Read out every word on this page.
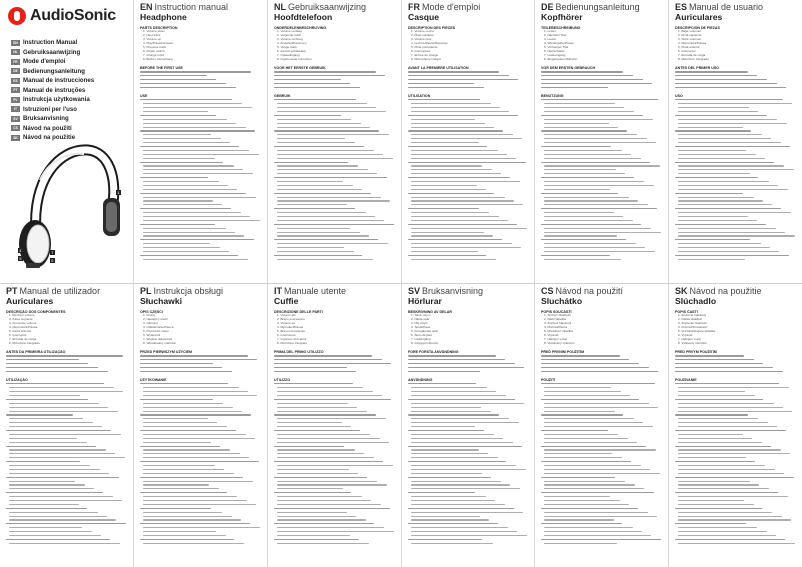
AudioSonic
EN Instruction Manual
NL Gebruiksaanwijzing
FR Mode d'emploi
DE Bedienungsanleitung
ES Manual de instrucciones
PT Manual de instruções
PL Instrukcja użytkowania
IT Istruzioni per l'uso
SV Bruksanvisning
CS Návod na použití
SK Návod na použitie
4
5	6
7
1
EN Instruction manual
Headphone
PARTS DESCRIPTION
1. Volume down
2. Next track
3. Volume up
4. Play/Pause/Answer
5. Previous track
6. Power switch
7. Charge input
8. Built-in microphone
BEFORE THE FIRST USE
USE
NL Gebruiksaanwijzing
Hoofdtelefoon
ONDERDELENBESCHRIJVING
1. Volume omlaag
2. Volgende track
3. Volume omhoog
4. Afspelen/Pauzeren
5. Vorige track
6. Aan/uit-schakelaar
7. Oplaadingang
8. Ingebouwde microfoon
VOOR HET EERSTE GEBRUIK
GEBRUIK
FR Mode d'emploi
Casque
DESCRIPTION DES PIÈCES
1. Volume moins
2. Piste suivante
3. Volume plus
4. Lecture/Pause/Réponse
5. Piste précédente
6. Interrupteur
7. Entrée de charge
8. Microphone intégré
AVANT LA PREMIÈRE UTILISATION
UTILISATION
DE Bedienungsanleitung
Kopfhörer
TEILEBESCHREIBUNG
1. Leiser
2. Nächster Titel
3. Lauter
4. Wiedergabe/Pause
5. Vorheriger Titel
6. Netzschalter
7. Ladeeingang
8. Eingebautes Mikrofon
VOR DEM ERSTEN GEBRAUCH
BENUTZUNG
ES Manual de usuario
Auriculares
DESCRIPCIÓN DE PIEZAS
1. Bajar volumen
2. Pista siguiente
3. Subir volumen
4. Reproducir/Pausa
5. Pista anterior
6. Interruptor
7. Entrada de carga
8. Micrófono integrado
ANTES DEL PRIMER USO
USO
PT Manual de utilizador
Auriculares
DESCRIÇÃO DOS COMPONENTES
1. Diminuir volume
2. Faixa seguinte
3. Aumentar volume
4. Reproduzir/Pausa
5. Faixa anterior
6. Interruptor
7. Entrada de carga
8. Microfone integrado
ANTES DA PRIMEIRA UTILIZAÇÃO
UTILIZAÇÃO
PL Instrukcja obsługi
Słuchawki
OPIS CZĘŚCI
1. Ciszej
2. Następny utwór
3. Głośniej
4. Odtwarzanie/Pauza
5. Poprzedni utwór
6. Wyłącznik
7. Wejście ładowania
8. Wbudowany mikrofon
PRZED PIERWSZYM UŻYCIEM
UŻYTKOWANIE
IT Manuale utente
Cuffie
DESCRIZIONE DELLE PARTI
1. Volume giù
2. Brano successivo
3. Volume su
4. Riproduci/Pausa
5. Brano precedente
6. Interruttore
7. Ingresso di ricarica
8. Microfono integrato
PRIMA DEL PRIMO UTILIZZO
UTILIZZO
SV Bruksanvisning
Hörlurar
BESKRIVNING AV DELAR
1. Sänk volym
2. Nästa spår
3. Höj volym
4. Spela/Paus
5. Föregående spår
6. Strömbrytare
7. Laddingång
8. Inbyggd mikrofon
FÖRE FÖRSTA ANVÄNDNING
ANVÄNDNING
CS Návod na použití
Sluchátko
POPIS SOUČÁSTÍ
1. Snížení hlasitosti
2. Další skladba
3. Zvýšení hlasitosti
4. Přehrát/Pauza
5. Předchozí skladba
6. Vypínač
7. Nabíjecí vstup
8. Vestavěný mikrofon
PŘED PRVNÍM POUŽITÍM
POUŽITÍ
SK Návod na použitie
Slúchadlo
POPIS ČASTÍ
1. Zníženie hlasitosti
2. Ďalšia skladba
3. Zvýšenie hlasitosti
4. Prehrať/Pozastaviť
5. Predchádzajúca skladba
6. Vypínač
7. Nabíjací vstup
8. Vstavaný mikrofón
PRED PRVÝM POUŽITÍM
POUŽÍVANIE
